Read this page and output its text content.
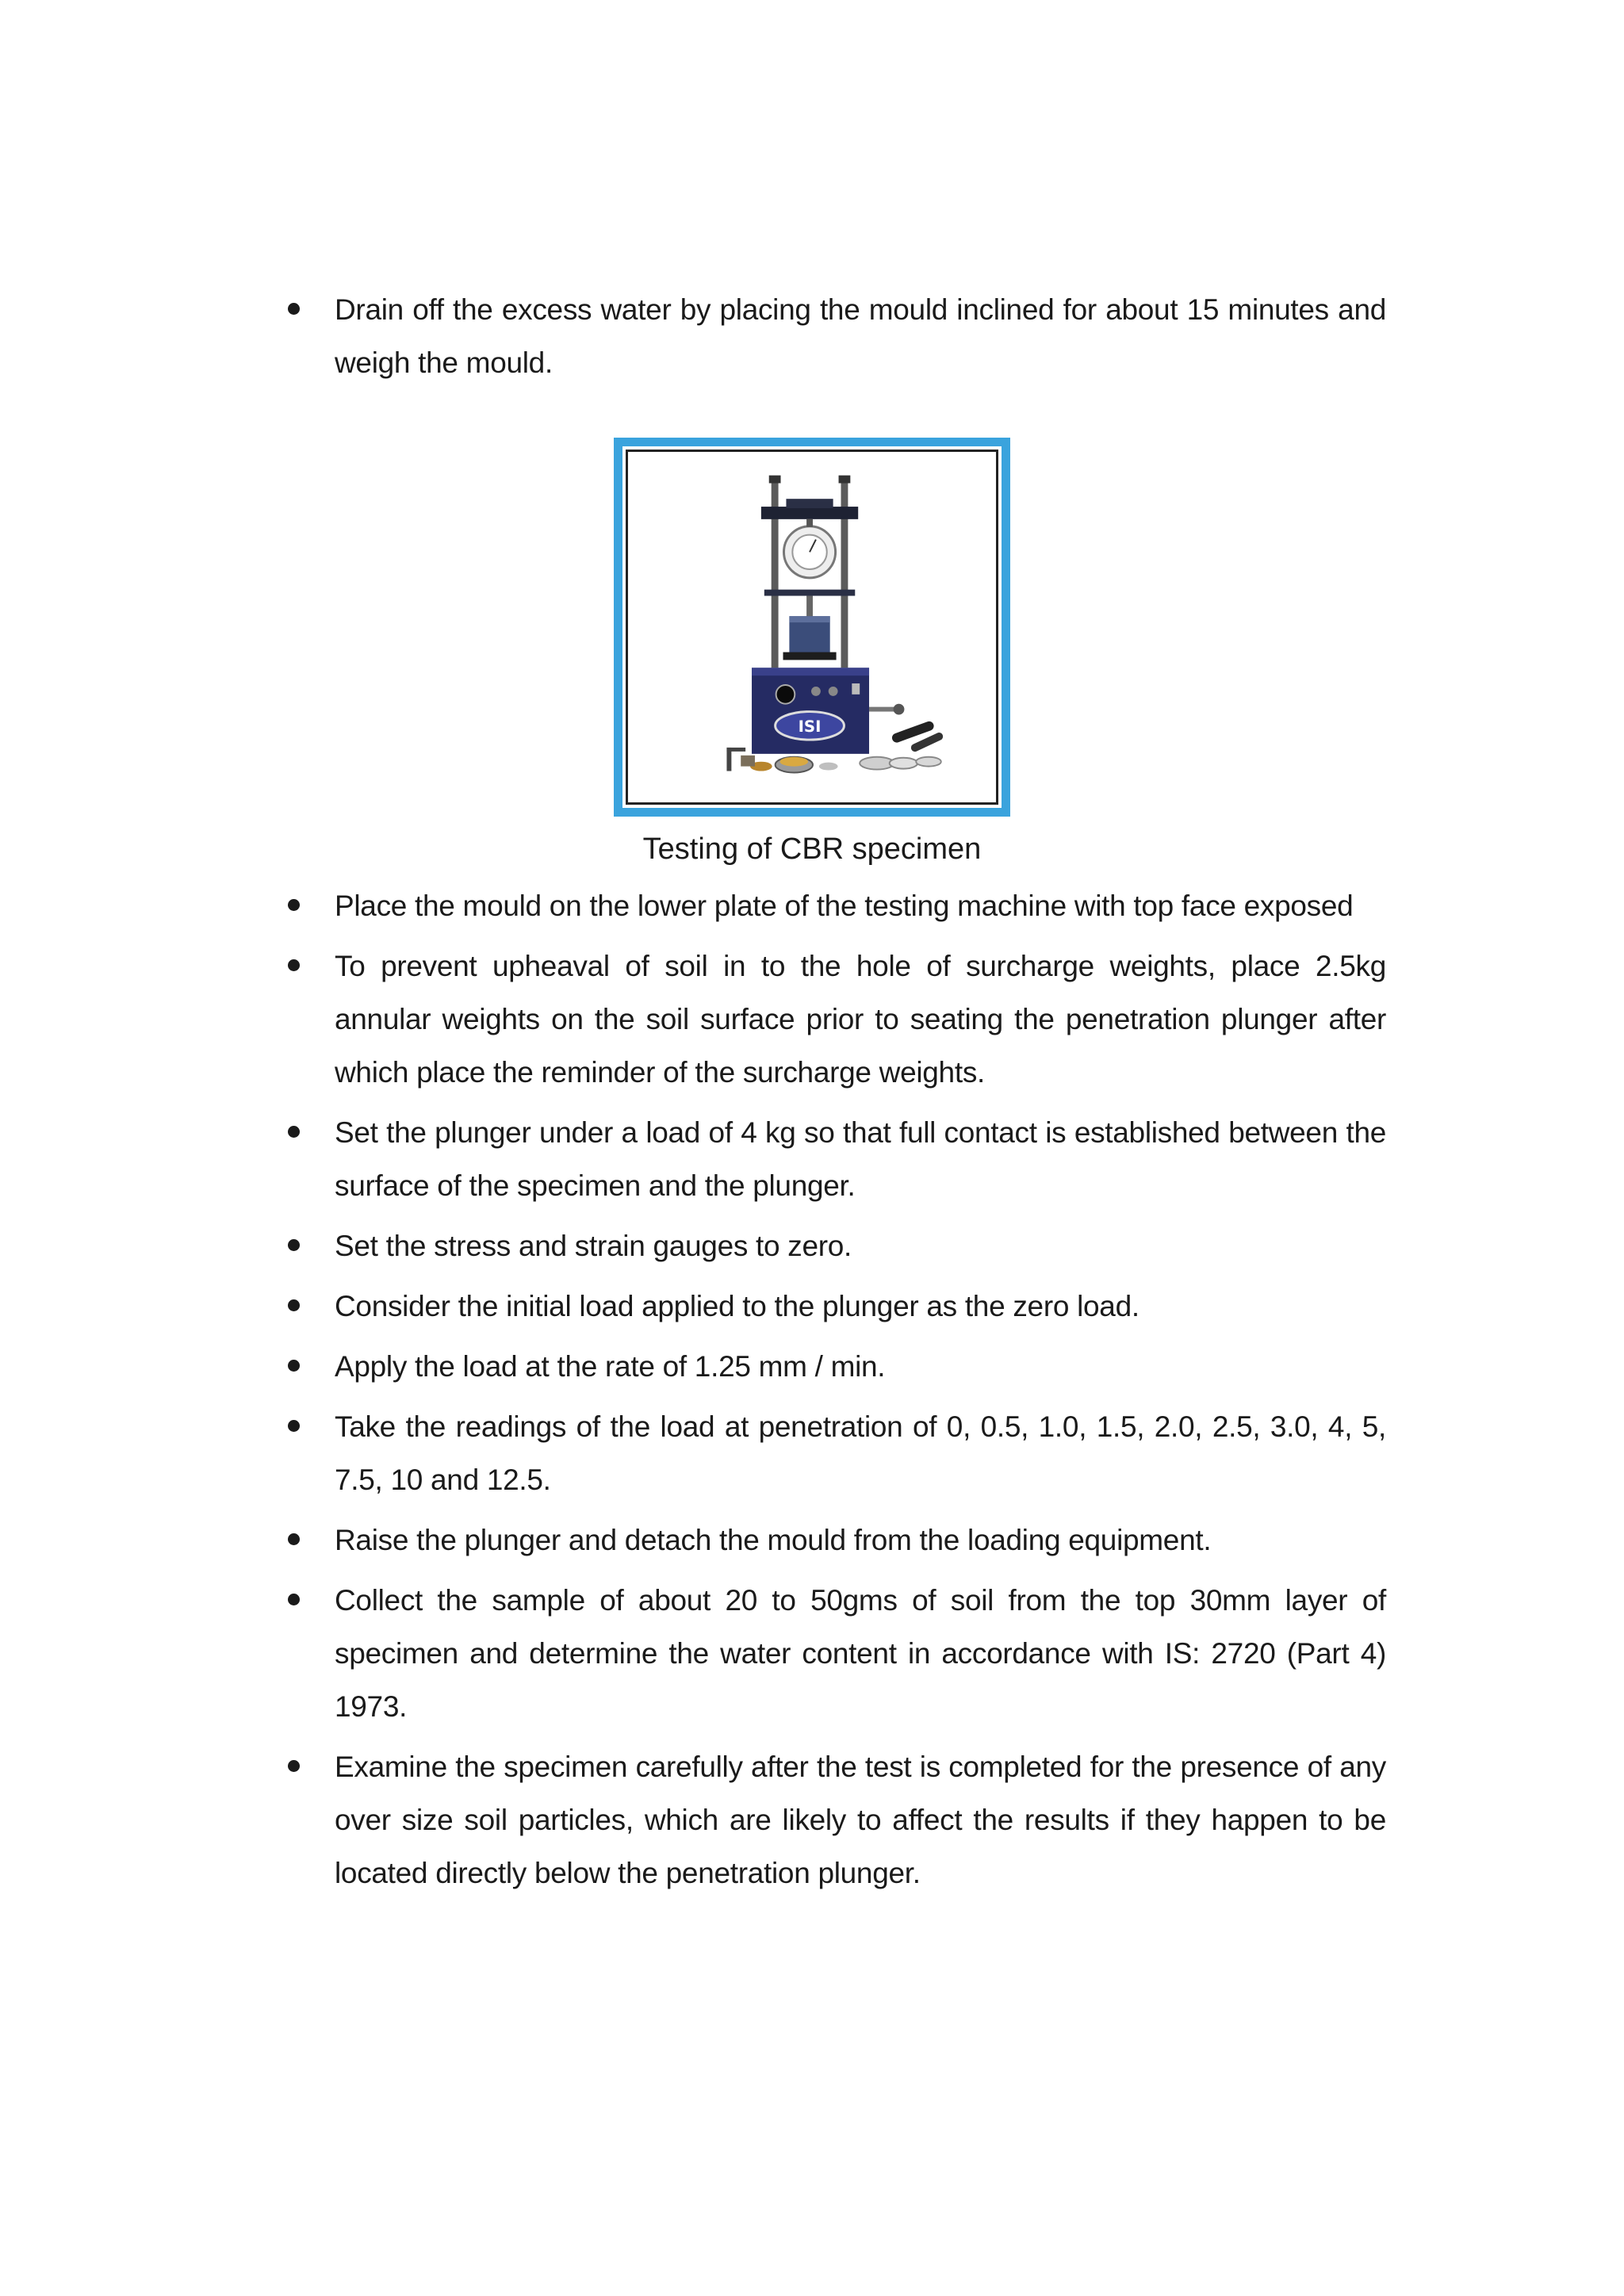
Drain off the excess water by placing the mould inclined for about 15 minutes and weigh the mould.
ISI
Testing of CBR specimen
Place the mould on the lower plate of the testing machine with top face exposed
To prevent upheaval of soil in to the hole of surcharge weights, place 2.5kg annular weights on the soil surface prior to seating the penetration plunger after which place the reminder of the surcharge weights.
Set the plunger under a load of 4 kg so that full contact is established between the surface of the specimen and the plunger.
Set the stress and strain gauges to zero.
Consider the initial load applied to the plunger as the zero load.
Apply the load at the rate of 1.25 mm / min.
Take the readings of the load at penetration of 0, 0.5, 1.0, 1.5, 2.0, 2.5, 3.0, 4, 5, 7.5, 10 and 12.5.
Raise the plunger and detach the mould from the loading equipment.
Collect the sample of about 20 to 50gms of soil from the top 30mm layer of specimen and determine the water content in accordance with IS: 2720 (Part 4) 1973.
Examine the specimen carefully after the test is completed for the presence of any over size soil particles, which are likely to affect the results if they happen to be located directly below the penetration plunger.
